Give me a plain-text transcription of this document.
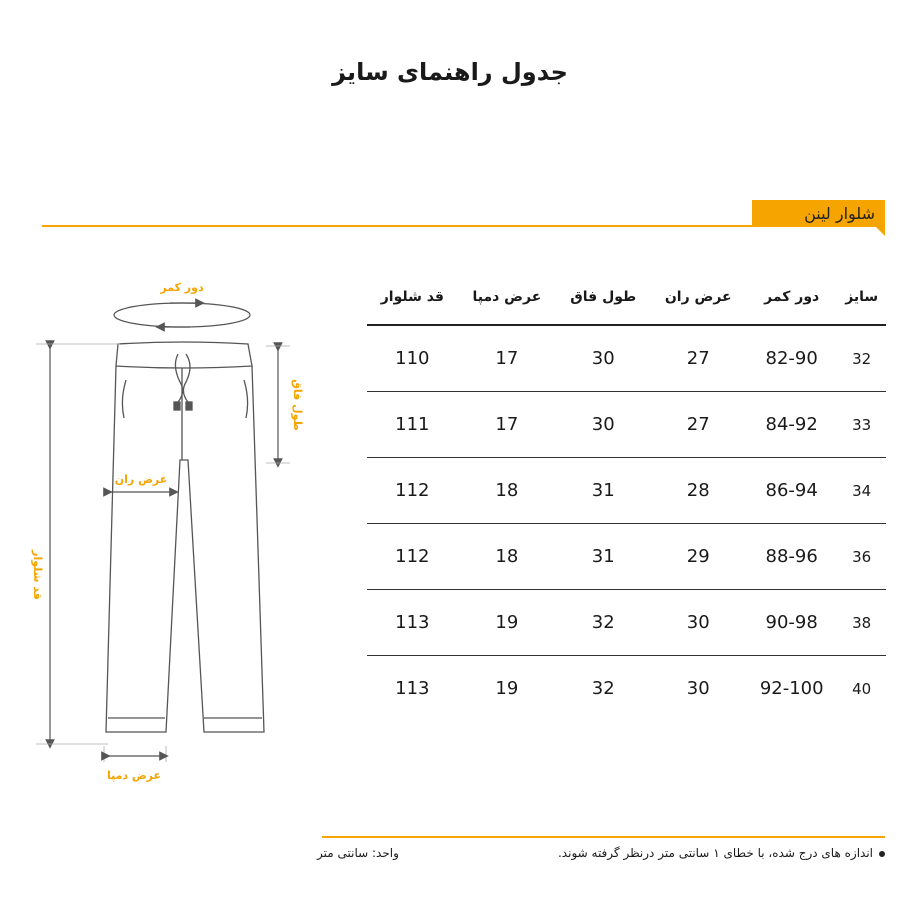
جدول راهنمای سایز
شلوار لینن
دور کمر
قد شلوار
طول فاق
عرض ران
عرض دمپا
سایز	دور کمر	عرض ران	طول فاق	عرض دمپا	قد شلوار
32	82-90	27	30	17	110
33	84-92	27	30	17	111
34	86-94	28	31	18	112
36	88-96	29	31	18	112
38	90-98	30	32	19	113
40	92-100	30	32	19	113
اندازه های درج شده، با خطای ۱ سانتی متر درنظر گرفته شوند.
واحد: سانتی متر
